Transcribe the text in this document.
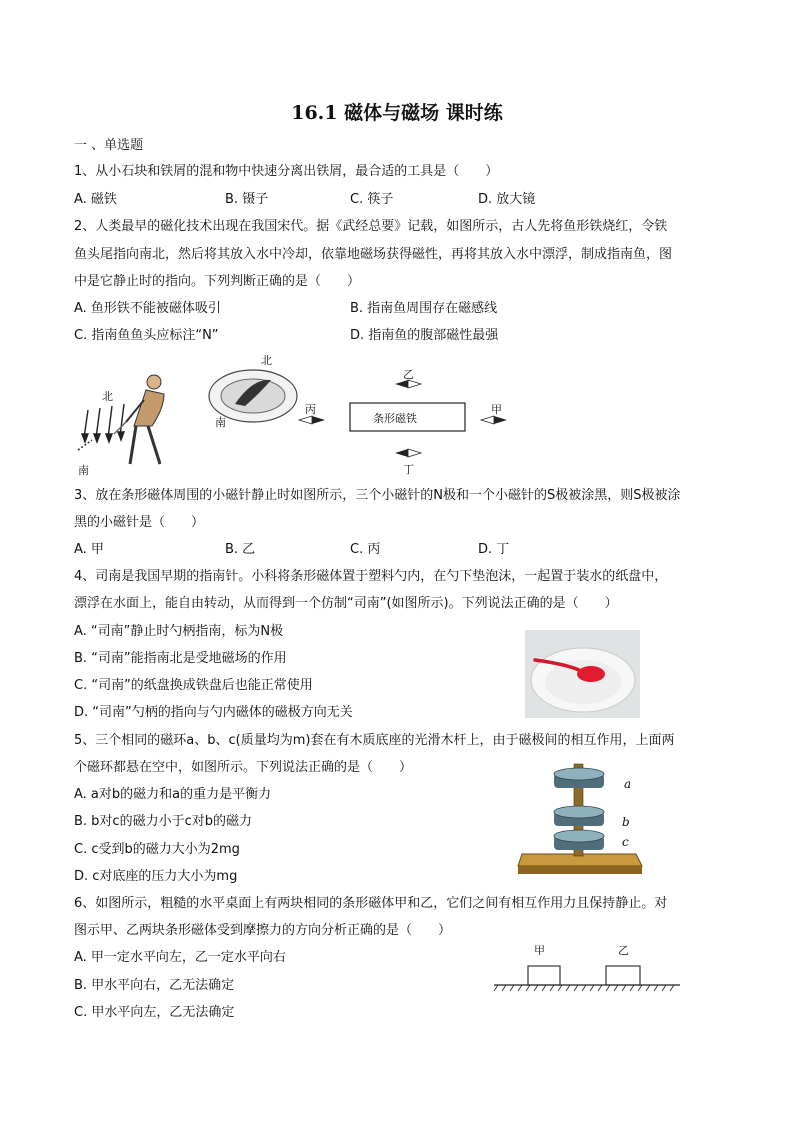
16.1 磁体与磁场 课时练
一 、单选题
1、从小石块和铁屑的混和物中快速分离出铁屑，最合适的工具是（　　）
A. 磁铁	B. 镊子	C. 筷子	D. 放大镜
2、人类最早的磁化技术出现在我国宋代。据《武经总要》记载，如图所示，古人先将鱼形铁烧红，令铁
鱼头尾指向南北，然后将其放入水中冷却，依靠地磁场获得磁性，再将其放入水中漂浮，制成指南鱼，图
中是它静止时的指向。下列判断正确的是（　　）
A. 鱼形铁不能被磁体吸引	B. 指南鱼周围存在磁感线
C. 指南鱼鱼头应标注“N”	D. 指南鱼的腹部磁性最强
北
南
北
南	条形磁铁
乙
丁
丙	甲
3、放在条形磁体周围的小磁针静止时如图所示，三个小磁针的N极和一个小磁针的S极被涂黑，则S极被涂
黑的小磁针是（　　）
A. 甲	B. 乙	C. 丙	D. 丁
4、司南是我国早期的指南针。小科将条形磁体置于塑料勺内，在勺下垫泡沫，一起置于装水的纸盘中，
漂浮在水面上，能自由转动，从而得到一个仿制“司南”(如图所示)。下列说法正确的是（　　）
A. “司南”静止时勺柄指南，标为N极
B. “司南”能指南北是受地磁场的作用
C. “司南”的纸盘换成铁盘后也能正常使用
D. “司南”勺柄的指向与勺内磁体的磁极方向无关
5、三个相同的磁环a、b、c(质量均为m)套在有木质底座的光滑木杆上，由于磁极间的相互作用，上面两
个磁环都悬在空中，如图所示。下列说法正确的是（　　）
A. a对b的磁力和a的重力是平衡力
B. b对c的磁力小于c对b的磁力
C. c受到b的磁力大小为2mg
D. c对底座的压力大小为mg
a
b
c
6、如图所示，粗糙的水平桌面上有两块相同的条形磁体甲和乙，它们之间有相互作用力且保持静止。对
图示甲、乙两块条形磁体受到摩擦力的方向分析正确的是（　　）
A. 甲一定水平向左，乙一定水平向右
B. 甲水平向右，乙无法确定
C. 甲水平向左，乙无法确定
甲	乙
